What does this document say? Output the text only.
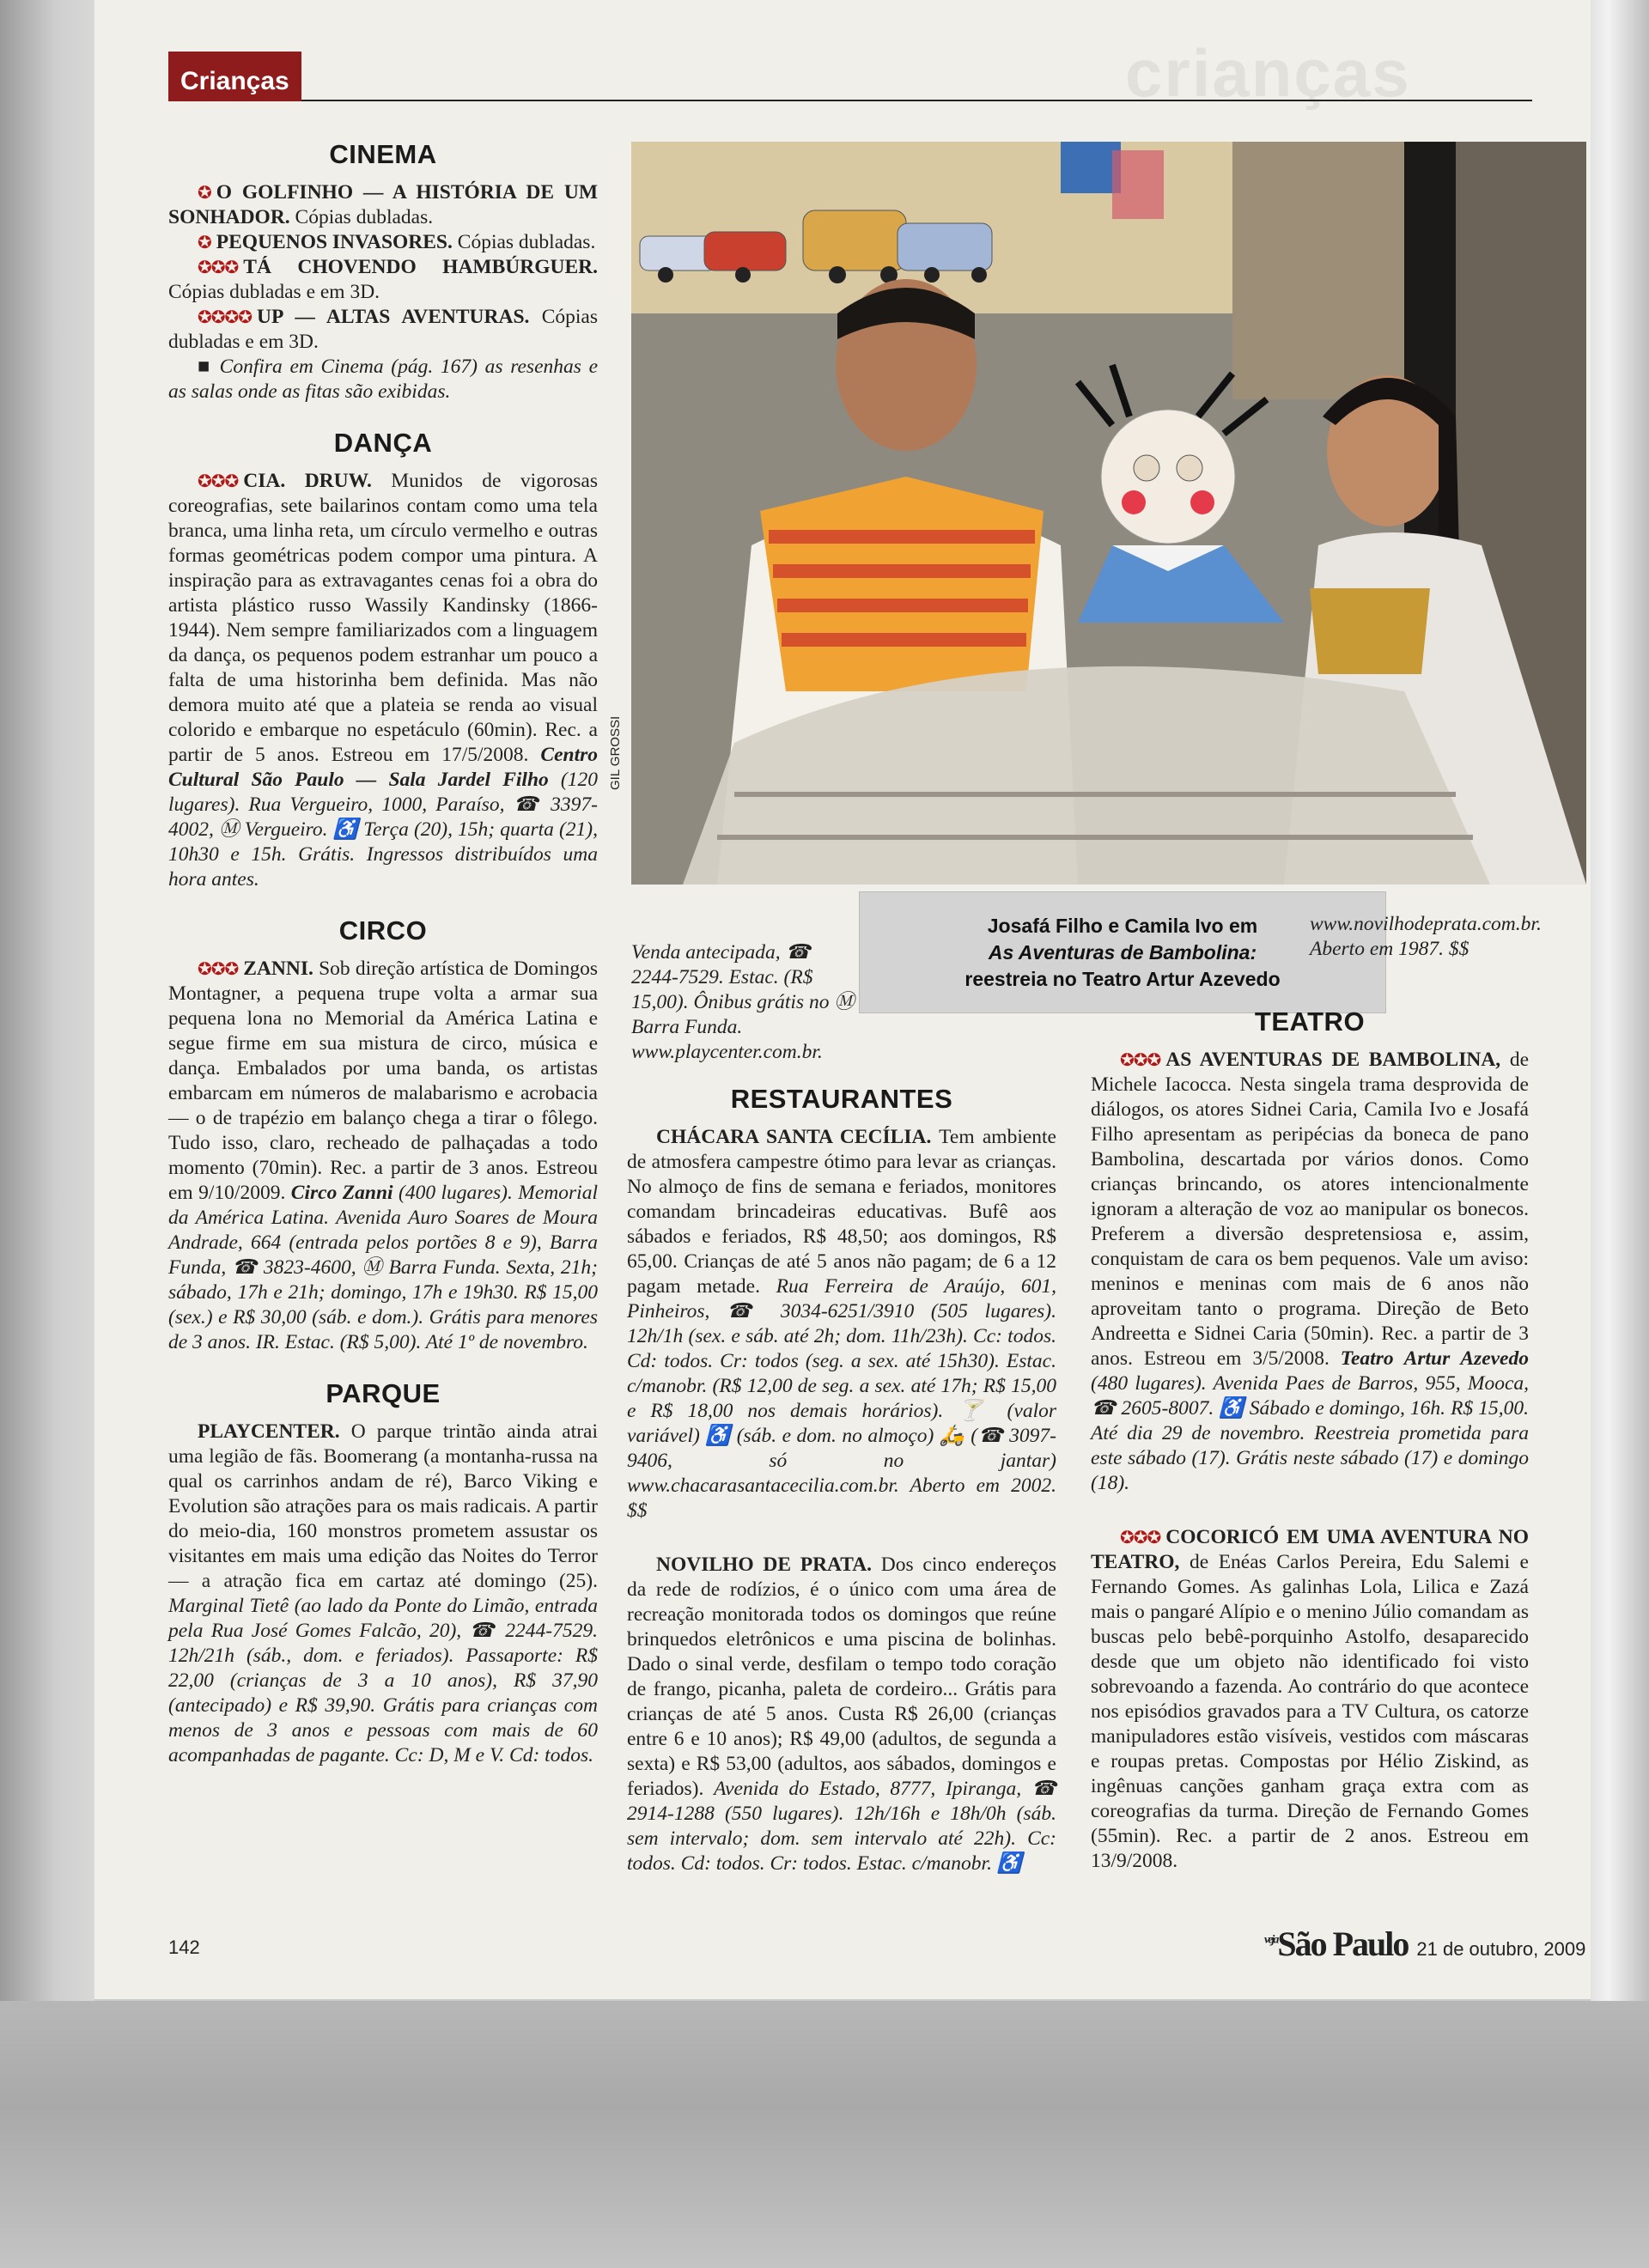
crianças
Crianças
GIL GROSSI
Josafá Filho e Camila Ivo em
As Aventuras de Bambolina:
reestreia no Teatro Artur Azevedo
CINEMA

✪ O GOLFINHO — A HISTÓRIA DE UM SONHADOR. Cópias dubladas.

✪ PEQUENOS INVASORES. Cópias dubladas.

✪✪✪ TÁ CHOVENDO HAMBÚRGUER. Cópias dubladas e em 3D.

✪✪✪✪ UP — ALTAS AVENTURAS. Cópias dubladas e em 3D.

■ Confira em Cinema (pág. 167) as resenhas e as salas onde as fitas são exibidas.

DANÇA

✪✪✪ CIA. DRUW. Munidos de vigorosas coreografias, sete bailarinos contam como uma tela branca, uma linha reta, um círculo vermelho e outras formas geométricas podem compor uma pintura. A inspiração para as extravagantes cenas foi a obra do artista plástico russo Wassily Kandinsky (1866-1944). Nem sempre familiarizados com a linguagem da dança, os pequenos podem estranhar um pouco a falta de uma historinha bem definida. Mas não demora muito até que a plateia se renda ao visual colorido e embarque no espetáculo (60min). Rec. a partir de 5 anos. Estreou em 17/5/2008. Centro Cultural São Paulo — Sala Jardel Filho (120 lugares). Rua Vergueiro, 1000, Paraíso, ☎ 3397-4002, Ⓜ Vergueiro. ♿ Terça (20), 15h; quarta (21), 10h30 e 15h. Grátis. Ingressos distribuídos uma hora antes.

CIRCO

✪✪✪ ZANNI. Sob direção artística de Domingos Montagner, a pequena trupe volta a armar sua pequena lona no Memorial da América Latina e segue firme em sua mistura de circo, música e dança. Embalados por uma banda, os artistas embarcam em números de malabarismo e acrobacia — o de trapézio em balanço chega a tirar o fôlego. Tudo isso, claro, recheado de palhaçadas a todo momento (70min). Rec. a partir de 3 anos. Estreou em 9/10/2009. Circo Zanni (400 lugares). Memorial da América Latina. Avenida Auro Soares de Moura Andrade, 664 (entrada pelos portões 8 e 9), Barra Funda, ☎ 3823-4600, Ⓜ Barra Funda. Sexta, 21h; sábado, 17h e 21h; domingo, 17h e 19h30. R$ 15,00 (sex.) e R$ 30,00 (sáb. e dom.). Grátis para menores de 3 anos. IR. Estac. (R$ 5,00). Até 1º de novembro.

PARQUE

PLAYCENTER. O parque trintão ainda atrai uma legião de fãs. Boomerang (a montanha-russa na qual os carrinhos andam de ré), Barco Viking e Evolution são atrações para os mais radicais. A partir do meio-dia, 160 monstros prometem assustar os visitantes em mais uma edição das Noites do Terror — a atração fica em cartaz até domingo (25). Marginal Tietê (ao lado da Ponte do Limão, entrada pela Rua José Gomes Falcão, 20), ☎ 2244-7529. 12h/21h (sáb., dom. e feriados). Passaporte: R$ 22,00 (crianças de 3 a 10 anos), R$ 37,90 (antecipado) e R$ 39,90. Grátis para crianças com menos de 3 anos e pessoas com mais de 60 acompanhadas de pagante. Cc: D, M e V. Cd: todos.

Venda antecipada, ☎ 2244-7529. Estac. (R$ 15,00). Ônibus grátis no Ⓜ Barra Funda. www.playcenter.com.br.
RESTAURANTES

CHÁCARA SANTA CECÍLIA. Tem ambiente de atmosfera campestre ótimo para levar as crianças. No almoço de fins de semana e feriados, monitores comandam brincadeiras educativas. Bufê aos sábados e feriados, R$ 48,50; aos domingos, R$ 65,00. Crianças de até 5 anos não pagam; de 6 a 12 pagam metade. Rua Ferreira de Araújo, 601, Pinheiros, ☎ 3034-6251/3910 (505 lugares). 12h/1h (sex. e sáb. até 2h; dom. 11h/23h). Cc: todos. Cd: todos. Cr: todos (seg. a sex. até 15h30). Estac. c/manobr. (R$ 12,00 de seg. a sex. até 17h; R$ 15,00 e R$ 18,00 nos demais horários). 🍸 (valor variável) ♿ (sáb. e dom. no almoço) 🛵 (☎ 3097-9406, só no jantar) www.chacarasantacecilia.com.br. Aberto em 2002. $$

NOVILHO DE PRATA. Dos cinco endereços da rede de rodízios, é o único com uma área de recreação monitorada todos os domingos que reúne brinquedos eletrônicos e uma piscina de bolinhas. Dado o sinal verde, desfilam o tempo todo coração de frango, picanha, paleta de cordeiro... Grátis para crianças de até 5 anos. Custa R$ 26,00 (crianças entre 6 e 10 anos); R$ 49,00 (adultos, de segunda a sexta) e R$ 53,00 (adultos, aos sábados, domingos e feriados). Avenida do Estado, 8777, Ipiranga, ☎ 2914-1288 (550 lugares). 12h/16h e 18h/0h (sáb. sem intervalo; dom. sem intervalo até 22h). Cc: todos. Cd: todos. Cr: todos. Estac. c/manobr. ♿

www.novilhodeprata.com.br. Aberto em 1987. $$
TEATRO

✪✪✪ AS AVENTURAS DE BAMBOLINA, de Michele Iacocca. Nesta singela trama desprovida de diálogos, os atores Sidnei Caria, Camila Ivo e Josafá Filho apresentam as peripécias da boneca de pano Bambolina, descartada por vários donos. Como crianças brincando, os atores intencionalmente ignoram a alteração de voz ao manipular os bonecos. Preferem a diversão despretensiosa e, assim, conquistam de cara os bem pequenos. Vale um aviso: meninos e meninas com mais de 6 anos não aproveitam tanto o programa. Direção de Beto Andreetta e Sidnei Caria (50min). Rec. a partir de 3 anos. Estreou em 3/5/2008. Teatro Artur Azevedo (480 lugares). Avenida Paes de Barros, 955, Mooca, ☎ 2605-8007. ♿ Sábado e domingo, 16h. R$ 15,00. Até dia 29 de novembro. Reestreia prometida para este sábado (17). Grátis neste sábado (17) e domingo (18).

✪✪✪ COCORICÓ EM UMA AVENTURA NO TEATRO, de Enéas Carlos Pereira, Edu Salemi e Fernando Gomes. As galinhas Lola, Lilica e Zazá mais o pangaré Alípio e o menino Júlio comandam as buscas pelo bebê-porquinho Astolfo, desaparecido desde que um objeto não identificado foi visto sobrevoando a fazenda. Ao contrário do que acontece nos episódios gravados para a TV Cultura, os catorze manipuladores estão visíveis, vestidos com máscaras e roupas pretas. Compostas por Hélio Ziskind, as ingênuas canções ganham graça extra com as coreografias da turma. Direção de Fernando Gomes (55min). Rec. a partir de 2 anos. Estreou em 13/9/2008.

142	$^{veja}$São Paulo 21 de outubro, 2009
